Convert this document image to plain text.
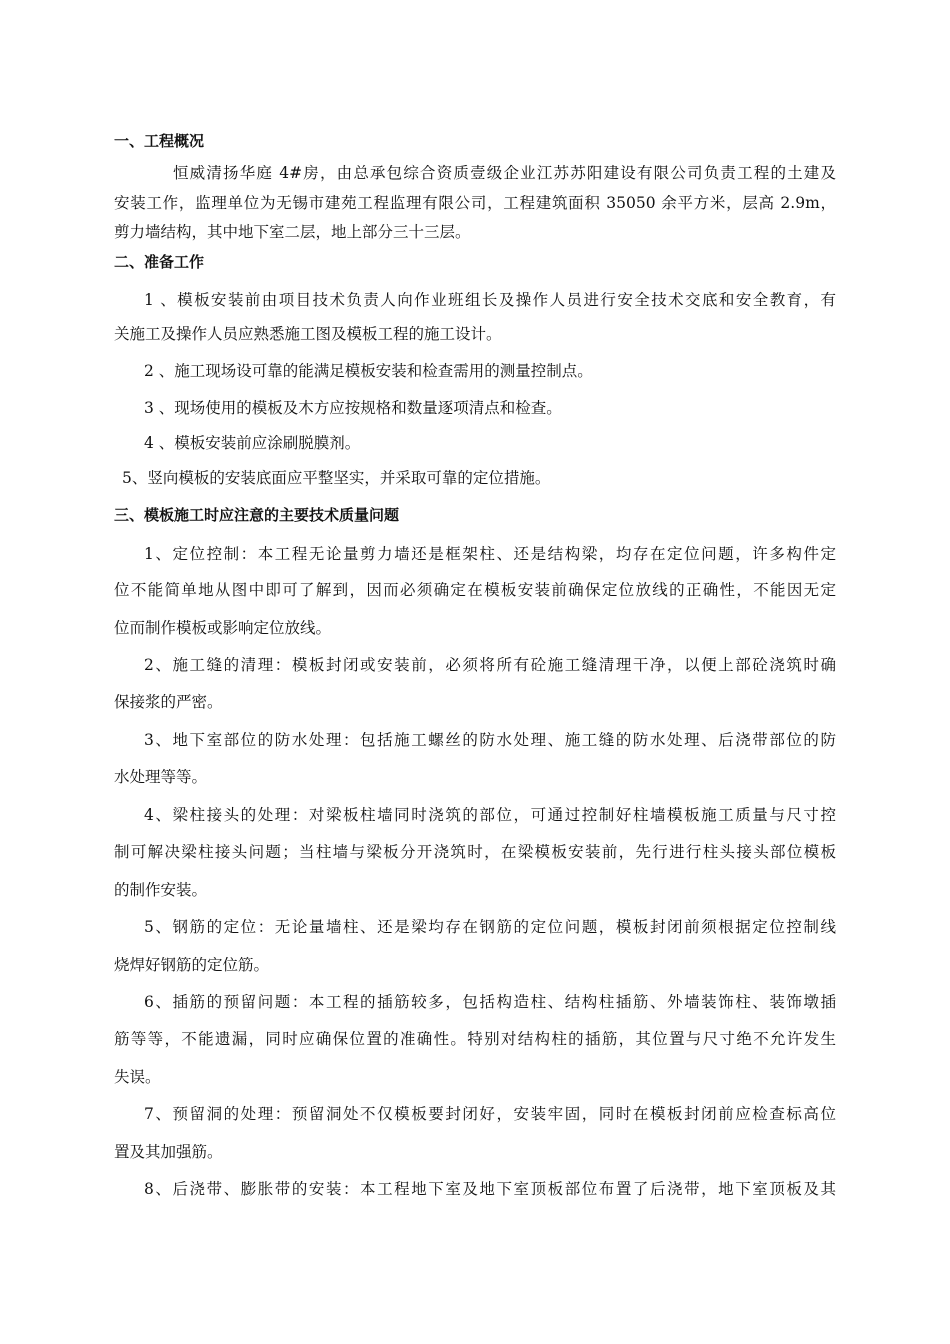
一、工程概况
恒威清扬华庭 4#房，由总承包综合资质壹级企业江苏苏阳建设有限公司负责工程的土建及
安装工作，监理单位为无锡市建苑工程监理有限公司，工程建筑面积 35050 余平方米，层高 2.9m，
剪力墙结构，其中地下室二层，地上部分三十三层。
二、准备工作
1 、模板安装前由项目技术负责人向作业班组长及操作人员进行安全技术交底和安全教育，有
关施工及操作人员应熟悉施工图及模板工程的施工设计。
2 、施工现场设可靠的能满足模板安装和检查需用的测量控制点。
3 、现场使用的模板及木方应按规格和数量逐项清点和检查。
4 、模板安装前应涂刷脱膜剂。
5、竖向模板的安装底面应平整坚实，并采取可靠的定位措施。
三、模板施工时应注意的主要技术质量问题
1、定位控制：本工程无论量剪力墙还是框架柱、还是结构梁，均存在定位问题，许多构件定
位不能简单地从图中即可了解到，因而必须确定在模板安装前确保定位放线的正确性，不能因无定
位而制作模板或影响定位放线。
2、施工缝的清理：模板封闭或安装前，必须将所有砼施工缝清理干净，以便上部砼浇筑时确
保接浆的严密。
3、地下室部位的防水处理：包括施工螺丝的防水处理、施工缝的防水处理、后浇带部位的防
水处理等等。
4、梁柱接头的处理：对梁板柱墙同时浇筑的部位，可通过控制好柱墙模板施工质量与尺寸控
制可解决梁柱接头问题；当柱墙与梁板分开浇筑时，在梁模板安装前，先行进行柱头接头部位模板
的制作安装。
5、钢筋的定位：无论量墙柱、还是梁均存在钢筋的定位问题，模板封闭前须根据定位控制线
烧焊好钢筋的定位筋。
6、插筋的预留问题：本工程的插筋较多，包括构造柱、结构柱插筋、外墙装饰柱、装饰墩插
筋等等，不能遗漏，同时应确保位置的准确性。特别对结构柱的插筋，其位置与尺寸绝不允许发生
失误。
7、预留洞的处理：预留洞处不仅模板要封闭好，安装牢固，同时在模板封闭前应检查标高位
置及其加强筋。
8、后浇带、膨胀带的安装：本工程地下室及地下室顶板部位布置了后浇带，地下室顶板及其
